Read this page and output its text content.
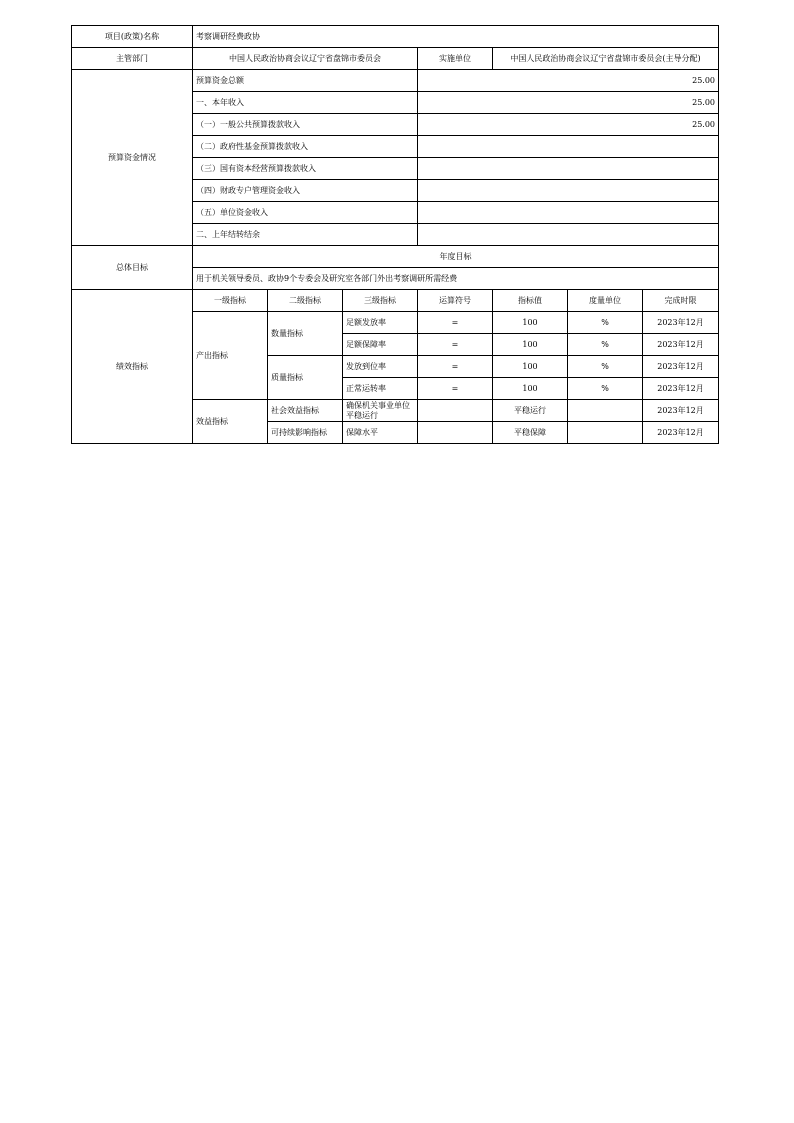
项目(政策)名称	考察调研经费政协						
主管部门	中国人民政治协商会议辽宁省盘锦市委员会			实施单位	中国人民政治协商会议辽宁省盘锦市委员会(主导分配)		
预算资金情况	预算资金总额			25.00			
	一、本年收入			25.00			
	（一）一般公共预算拨款收入			25.00			
	（二）政府性基金预算拨款收入						
	（三）国有资本经营预算拨款收入						
	（四）财政专户管理资金收入						
	（五）单位资金收入						
	二、上年结转结余						
总体目标	年度目标						
	用于机关领导委员、政协9个专委会及研究室各部门外出考察调研所需经费						
绩效指标	一级指标	二级指标	三级指标	运算符号	指标值	度量单位	完成时限
	产出指标	数量指标	足额发放率	=	100	%	2023年12月
			足额保障率	=	100	%	2023年12月
		质量指标	发放到位率	=	100	%	2023年12月
			正常运转率	=	100	%	2023年12月
	效益指标	社会效益指标	确保机关事业单位平稳运行		平稳运行		2023年12月
		可持续影响指标	保障水平		平稳保障		2023年12月
